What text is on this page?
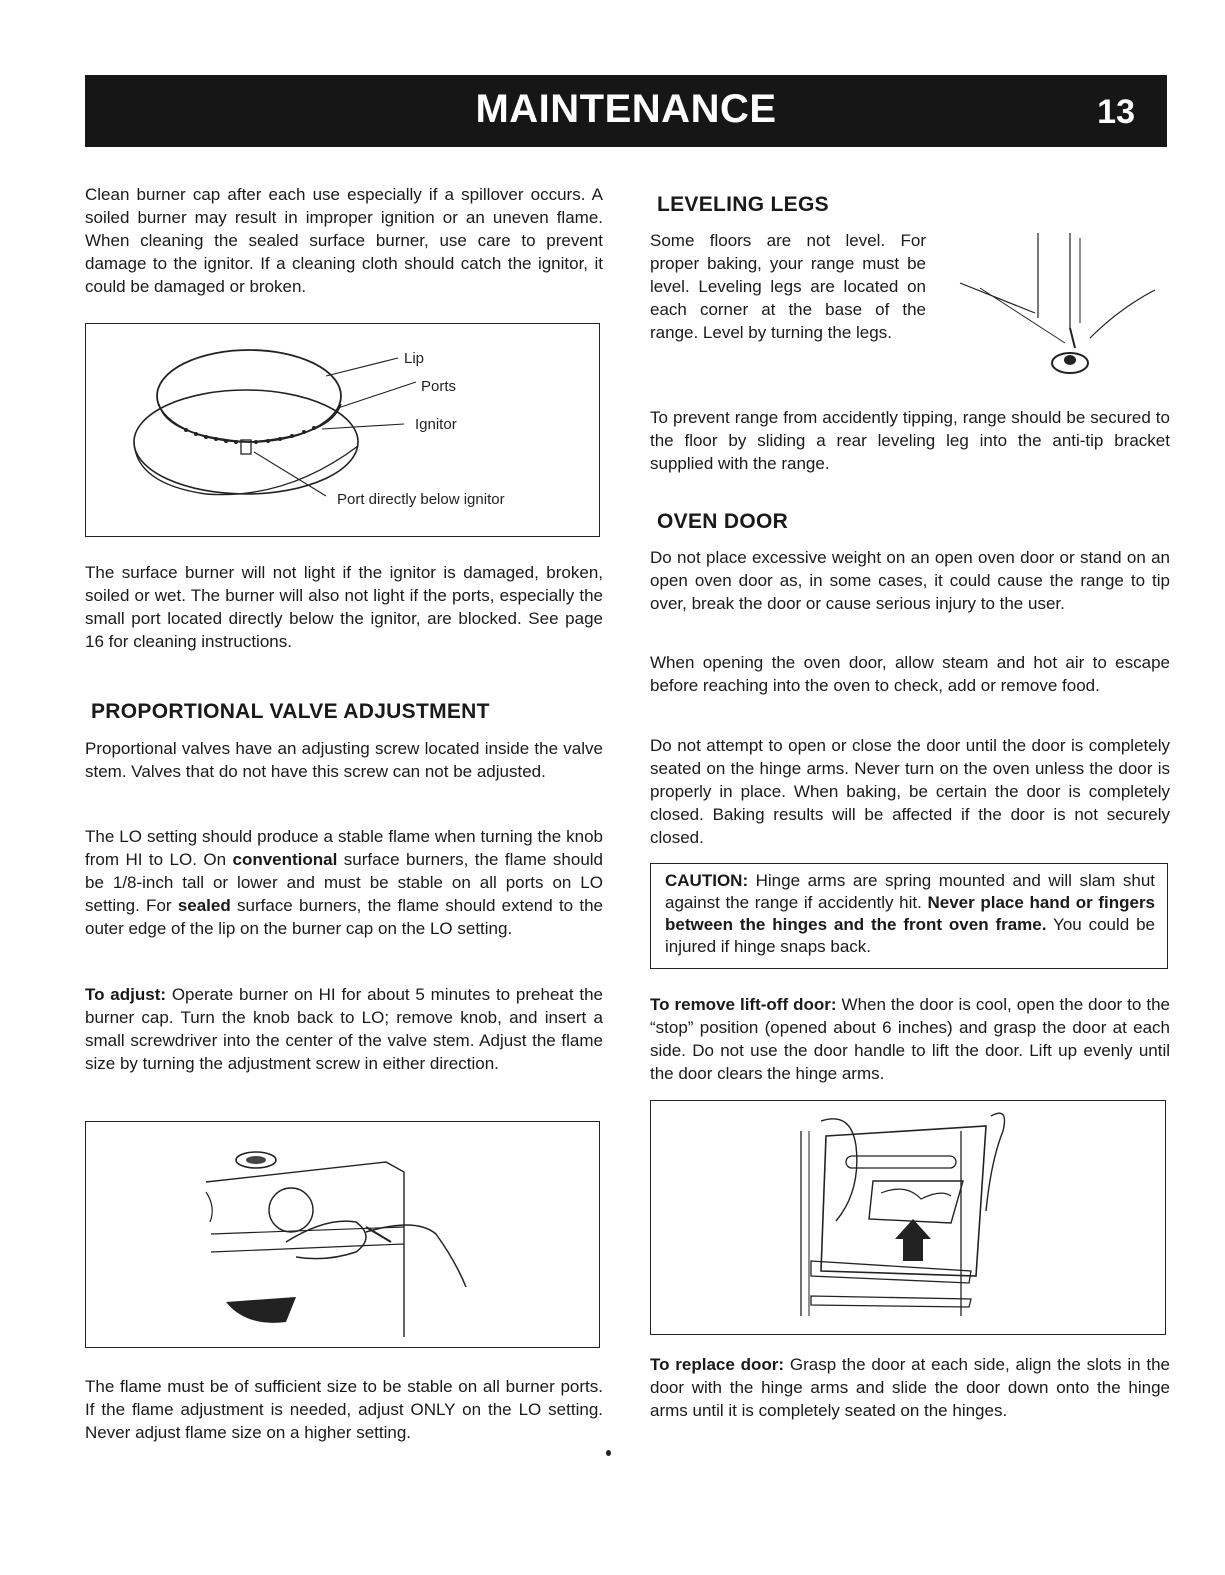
MAINTENANCE	13

Clean burner cap after each use especially if a spillover occurs. A soiled burner may result in improper ignition or an uneven flame. When cleaning the sealed surface burner, use care to prevent damage to the ignitor. If a cleaning cloth should catch the ignitor, it could be damaged or broken.

Lip
Ports
Ignitor
Port directly below ignitor

The surface burner will not light if the ignitor is damaged, broken, soiled or wet. The burner will also not light if the ports, especially the small port located directly below the ignitor, are blocked. See page 16 for cleaning instructions.

PROPORTIONAL VALVE ADJUSTMENT

Proportional valves have an adjusting screw located inside the valve stem. Valves that do not have this screw can not be adjusted.

The LO setting should produce a stable flame when turning the knob from HI to LO. On conventional surface burners, the flame should be 1/8-inch tall or lower and must be stable on all ports on LO setting. For sealed surface burners, the flame should extend to the outer edge of the lip on the burner cap on the LO setting.

To adjust: Operate burner on HI for about 5 minutes to preheat the burner cap. Turn the knob back to LO; remove knob, and insert a small screwdriver into the center of the valve stem. Adjust the flame size by turning the adjustment screw in either direction.

The flame must be of sufficient size to be stable on all burner ports. If the flame adjustment is needed, adjust ONLY on the LO setting. Never adjust flame size on a higher setting.

LEVELING LEGS

Some floors are not level. For proper baking, your range must be level. Leveling legs are located on each corner at the base of the range. Level by turning the legs.

To prevent range from accidently tipping, range should be secured to the floor by sliding a rear leveling leg into the anti-tip bracket supplied with the range.

OVEN DOOR

Do not place excessive weight on an open oven door or stand on an open oven door as, in some cases, it could cause the range to tip over, break the door or cause serious injury to the user.

When opening the oven door, allow steam and hot air to escape before reaching into the oven to check, add or remove food.

Do not attempt to open or close the door until the door is completely seated on the hinge arms. Never turn on the oven unless the door is properly in place. When baking, be certain the door is completely closed. Baking results will be affected if the door is not securely closed.

CAUTION: Hinge arms are spring mounted and will slam shut against the range if accidently hit. Never place hand or fingers between the hinges and the front oven frame. You could be injured if hinge snaps back.

To remove lift-off door: When the door is cool, open the door to the “stop” position (opened about 6 inches) and grasp the door at each side. Do not use the door handle to lift the door. Lift up evenly until the door clears the hinge arms.

To replace door: Grasp the door at each side, align the slots in the door with the hinge arms and slide the door down onto the hinge arms until it is completely seated on the hinges.
